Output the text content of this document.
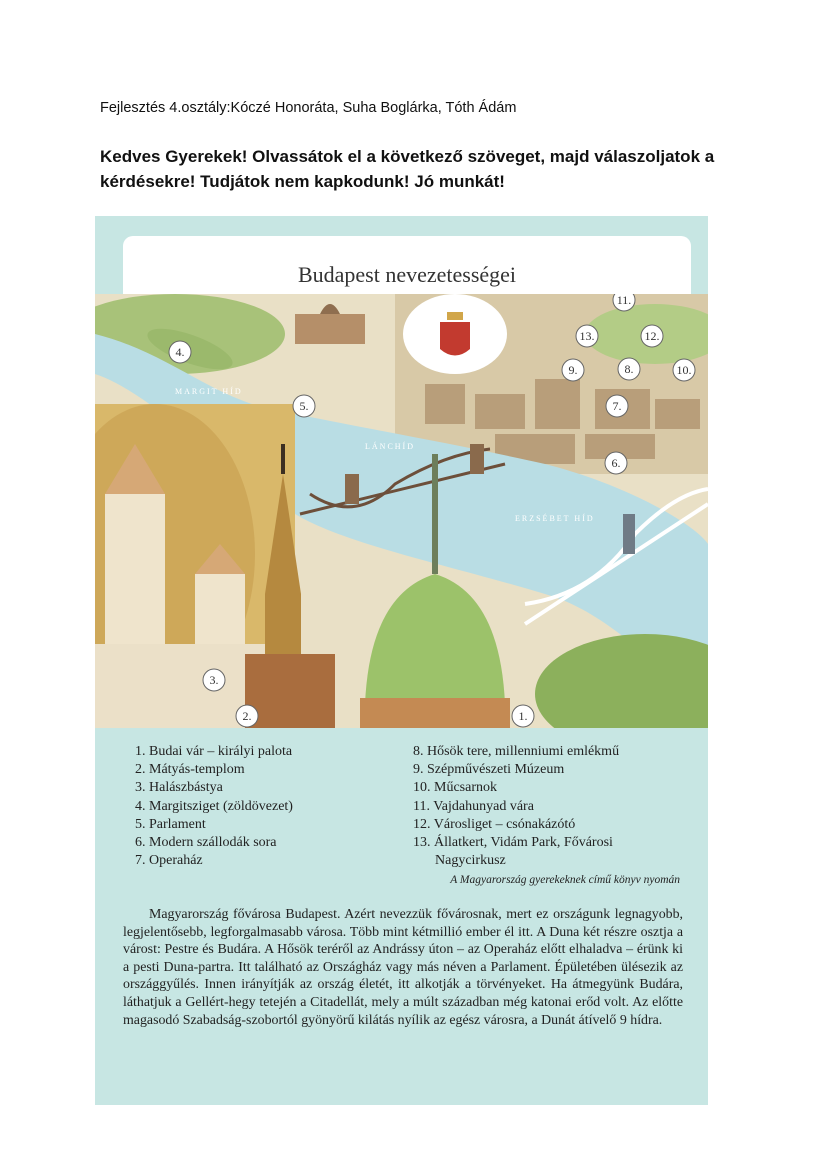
Fejlesztés 4.osztály:Kóczé Honoráta, Suha Boglárka, Tóth Ádám
Kedves Gyerekek! Olvassátok el a következő szöveget, majd válaszoljatok a kérdésekre! Tudjátok nem kapkodunk! Jó munkát!
Budapest nevezetességei
MARGIT HÍD
LÁNCHÍD
ERZSÉBET HÍD
1.
2.
3.
4.
5.
6.
7.
8.
9.	10.
11.
12.
13.
1. Budai vár – királyi palota
2. Mátyás-templom
3. Halászbástya
4. Margitsziget (zöldövezet)
5. Parlament
6. Modern szállodák sora
7. Operaház
8. Hősök tere, millenniumi emlékmű
9. Szépművészeti Múzeum
10. Műcsarnok
11. Vajdahunyad vára
12. Városliget – csónakázótó
13. Állatkert, Vidám Park, Fővárosi
Nagycirkusz
A Magyarország gyerekeknek című könyv nyomán

Magyarország fővárosa Budapest. Azért nevezzük fővárosnak, mert ez országunk legnagyobb, legjelentősebb, legforgalmasabb városa. Több mint kétmillió ember él itt. A Duna két részre osztja a várost: Pestre és Budára. A Hősök teréről az Andrássy úton – az Operaház előtt elhaladva – érünk ki a pesti Duna-partra. Itt található az Országház vagy más néven a Parlament. Épületében ülésezik az országgyűlés. Innen irányítják az ország életét, itt alkotják a törvényeket. Ha átmegyünk Budára, láthatjuk a Gellért-hegy tetején a Citadellát, mely a múlt században még katonai erőd volt. Az előtte magasodó Szabadság-szobortól gyönyörű kilátás nyílik az egész városra, a Dunát átívelő 9 hídra.
